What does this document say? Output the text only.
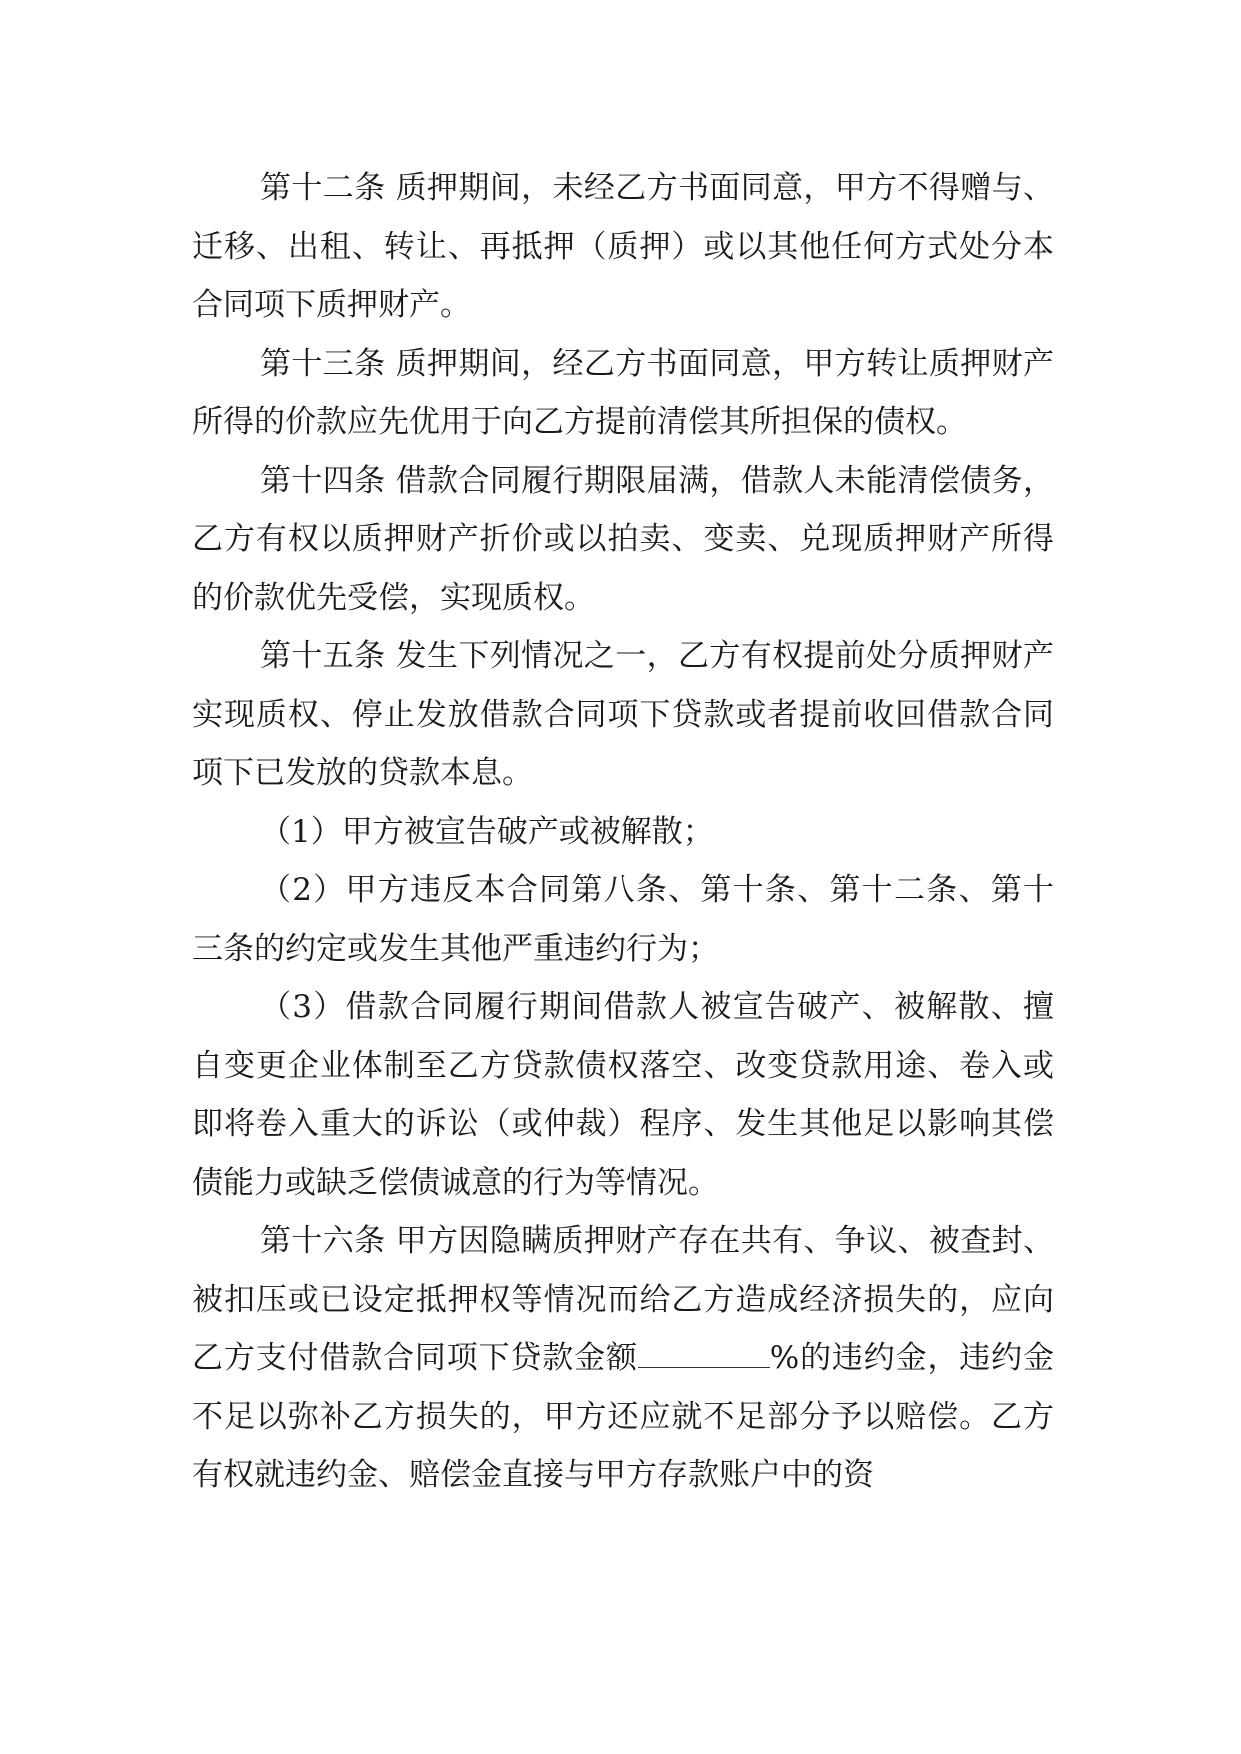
第十二条 质押期间，未经乙方书面同意，甲方不得赠与、迁移、出租、转让、再抵押（质押）或以其他任何方式处分本合同项下质押财产。

第十三条 质押期间，经乙方书面同意，甲方转让质押财产所得的价款应先优用于向乙方提前清偿其所担保的债权。

第十四条 借款合同履行期限届满，借款人未能清偿债务，乙方有权以质押财产折价或以拍卖、变卖、兑现质押财产所得的价款优先受偿，实现质权。

第十五条 发生下列情况之一，乙方有权提前处分质押财产实现质权、停止发放借款合同项下贷款或者提前收回借款合同项下已发放的贷款本息。

（1）甲方被宣告破产或被解散；

（2）甲方违反本合同第八条、第十条、第十二条、第十三条的约定或发生其他严重违约行为；

（3）借款合同履行期间借款人被宣告破产、被解散、擅自变更企业体制至乙方贷款债权落空、改变贷款用途、卷入或即将卷入重大的诉讼（或仲裁）程序、发生其他足以影响其偿债能力或缺乏偿债诚意的行为等情况。

第十六条 甲方因隐瞒质押财产存在共有、争议、被查封、被扣压或已设定抵押权等情况而给乙方造成经济损失的，应向乙方支付借款合同项下贷款金额	%的违约金，违约金不足以弥补乙方损失的，甲方还应就不足部分予以赔偿。乙方有权就违约金、赔偿金直接与甲方存款账户中的资
